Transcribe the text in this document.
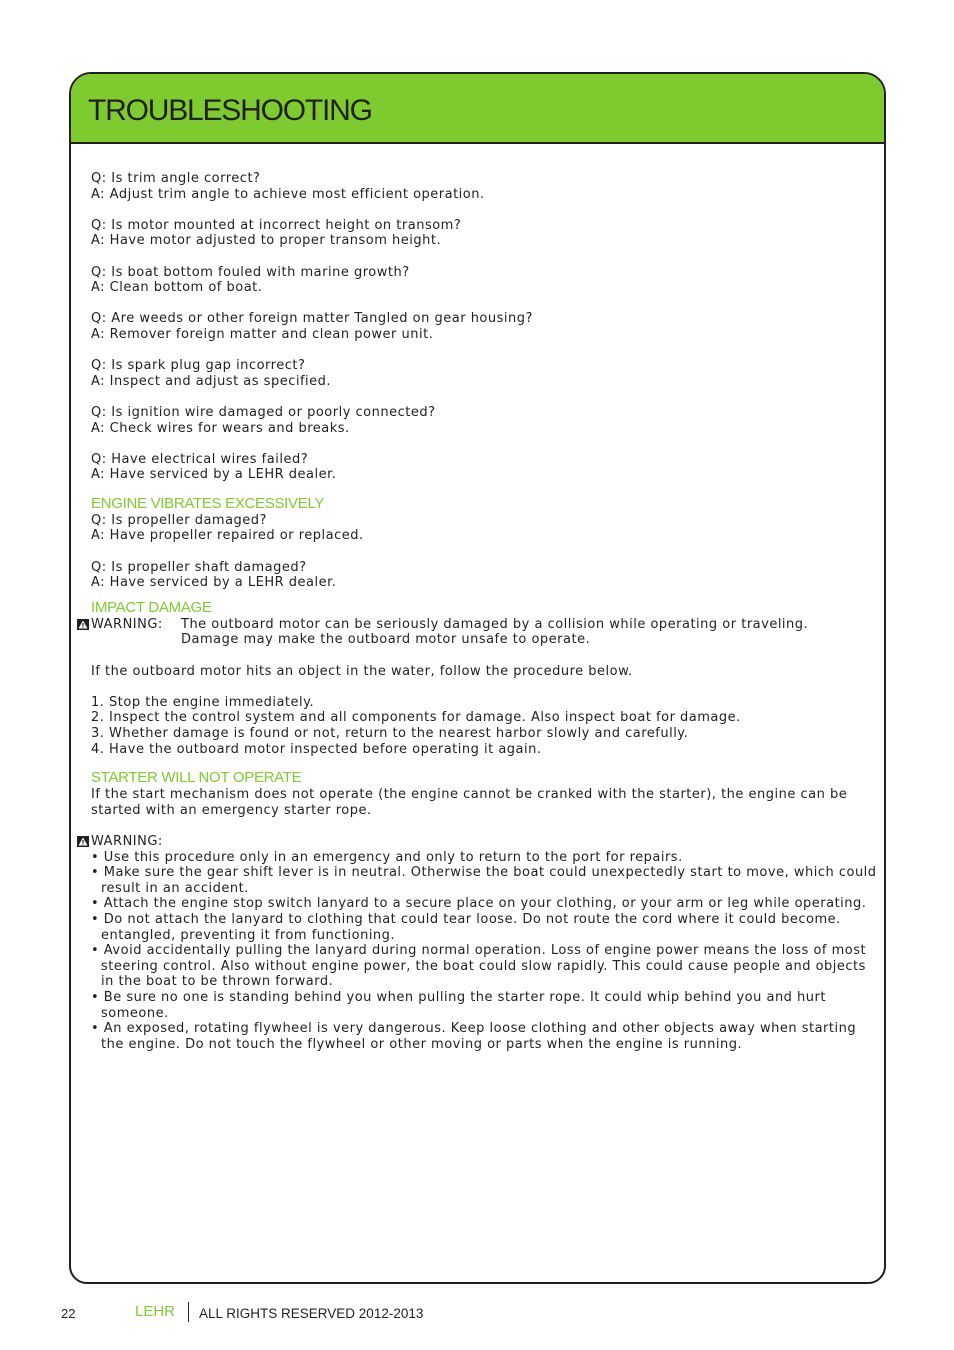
TROUBLESHOOTING
Q: Is trim angle correct?
A: Adjust trim angle to achieve most efficient operation.
Q: Is motor mounted at incorrect height on transom?
A: Have motor adjusted to proper transom height.
Q: Is boat bottom fouled with marine growth?
A: Clean bottom of boat.
Q: Are weeds or other foreign matter Tangled on gear housing?
A: Remover foreign matter and clean power unit.
Q: Is spark plug gap incorrect?
A: Inspect and adjust as specified.
Q: Is ignition wire damaged or poorly connected?
A: Check wires for wears and breaks.
Q: Have electrical wires failed?
A: Have serviced by a LEHR dealer.
ENGINE VIBRATES EXCESSIVELY
Q: Is propeller damaged?
A: Have propeller repaired or replaced.
Q: Is propeller shaft damaged?
A: Have serviced by a LEHR dealer.
IMPACT DAMAGE
WARNING: The outboard motor can be seriously damaged by a collision while operating or traveling.
Damage may make the outboard motor unsafe to operate.
If the outboard motor hits an object in the water, follow the procedure below.
1. Stop the engine immediately.
2. Inspect the control system and all components for damage. Also inspect boat for damage.
3. Whether damage is found or not, return to the nearest harbor slowly and carefully.
4. Have the outboard motor inspected before operating it again.
STARTER WILL NOT OPERATE
If the start mechanism does not operate (the engine cannot be cranked with the starter), the engine can be
started with an emergency starter rope.
WARNING:
• Use this procedure only in an emergency and only to return to the port for repairs.
• Make sure the gear shift lever is in neutral. Otherwise the boat could unexpectedly start to move, which could result in an accident.
• Attach the engine stop switch lanyard to a secure place on your clothing, or your arm or leg while operating.
• Do not attach the lanyard to clothing that could tear loose. Do not route the cord where it could become. entangled, preventing it from functioning.
• Avoid accidentally pulling the lanyard during normal operation. Loss of engine power means the loss of most steering control. Also without engine power, the boat could slow rapidly. This could cause people and objects in the boat to be thrown forward.
• Be sure no one is standing behind you when pulling the starter rope. It could whip behind you and hurt someone.
• An exposed, rotating flywheel is very dangerous. Keep loose clothing and other objects away when starting the engine. Do not touch the flywheel or other moving or parts when the engine is running.
22	LEHR ALL RIGHTS RESERVED 2012-2013
